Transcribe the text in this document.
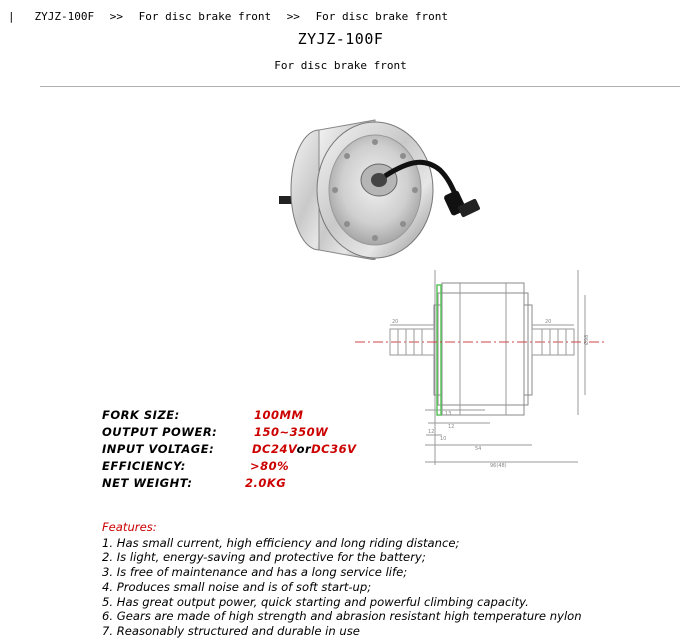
| ZYJZ-100F >> For disc brake front >> For disc brake front
ZYJZ-100F
For disc brake front
20	20
Ø98
13
12
12
10
54
96(48)
FORK SIZE:	100MM
OUTPUT POWER:	150~350W
INPUT VOLTAGE:	DC24VorDC36V
EFFICIENCY:	>80%
NET WEIGHT:	2.0KG
Features:
1. Has small current, high efficiency and long riding distance;
2. Is light, energy-saving and protective for the battery;
3. Is free of maintenance and has a long service life;
4. Produces small noise and is of soft start-up;
5. Has great output power, quick starting and powerful climbing capacity.
6. Gears are made of high strength and abrasion resistant high temperature nylon
7. Reasonably structured and durable in use
